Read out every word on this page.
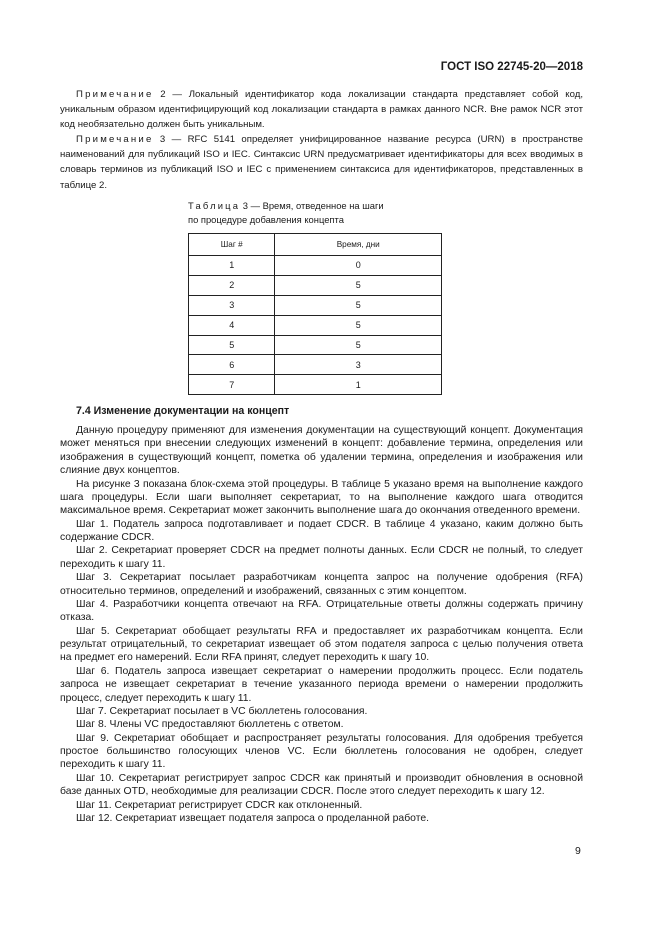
ГОСТ ISO 22745-20—2018

Примечание 2 — Локальный идентификатор кода локализации стандарта представляет собой код, уникальным образом идентифицирующий код локализации стандарта в рамках данного NCR. Вне рамок NCR этот код необязательно должен быть уникальным.

Примечание 3 — RFC 5141 определяет унифицированное название ресурса (URN) в пространстве наименований для публикаций ISO и IEC. Синтаксис URN предусматривает идентификаторы для всех вводимых в словарь терминов из публикаций ISO и IEC с применением синтаксиса для идентификаторов, представленных в таблице 2.

Таблица 3 — Время, отведенное на шаги
по процедуре добавления концепта
Шаг #	Время, дни
1	0
2	5
3	5
4	5
5	5
6	3
7	1
7.4 Изменение документации на концепт

Данную процедуру применяют для изменения документации на существующий концепт. Документация может меняться при внесении следующих изменений в концепт: добавление термина, определения или изображения в существующий концепт, пометка об удалении термина, определения и изображения или слияние двух концептов.

На рисунке 3 показана блок-схема этой процедуры. В таблице 5 указано время на выполнение каждого шага процедуры. Если шаги выполняет секретариат, то на выполнение каждого шага отводится максимальное время. Секретариат может закончить выполнение шага до окончания отведенного времени.

Шаг 1. Податель запроса подготавливает и подает CDCR. В таблице 4 указано, каким должно быть содержание CDCR.

Шаг 2. Секретариат проверяет CDCR на предмет полноты данных. Если CDCR не полный, то следует переходить к шагу 11.

Шаг 3. Секретариат посылает разработчикам концепта запрос на получение одобрения (RFA) относительно терминов, определений и изображений, связанных с этим концептом.

Шаг 4. Разработчики концепта отвечают на RFA. Отрицательные ответы должны содержать причину отказа.

Шаг 5. Секретариат обобщает результаты RFA и предоставляет их разработчикам концепта. Если результат отрицательный, то секретариат извещает об этом подателя запроса с целью получения ответа на предмет его намерений. Если RFA принят, следует переходить к шагу 10.

Шаг 6. Податель запроса извещает секретариат о намерении продолжить процесс. Если податель запроса не извещает секретариат в течение указанного периода времени о намерении продолжить процесс, следует переходить к шагу 11.

Шаг 7. Секретариат посылает в VC бюллетень голосования.

Шаг 8. Члены VC предоставляют бюллетень с ответом.

Шаг 9. Секретариат обобщает и распространяет результаты голосования. Для одобрения требуется простое большинство голосующих членов VC. Если бюллетень голосования не одобрен, следует переходить к шагу 11.

Шаг 10. Секретариат регистрирует запрос CDCR как принятый и производит обновления в основной базе данных OTD, необходимые для реализации CDCR. После этого следует переходить к шагу 12.

Шаг 11. Секретариат регистрирует CDCR как отклоненный.

Шаг 12. Секретариат извещает подателя запроса о проделанной работе.

9
